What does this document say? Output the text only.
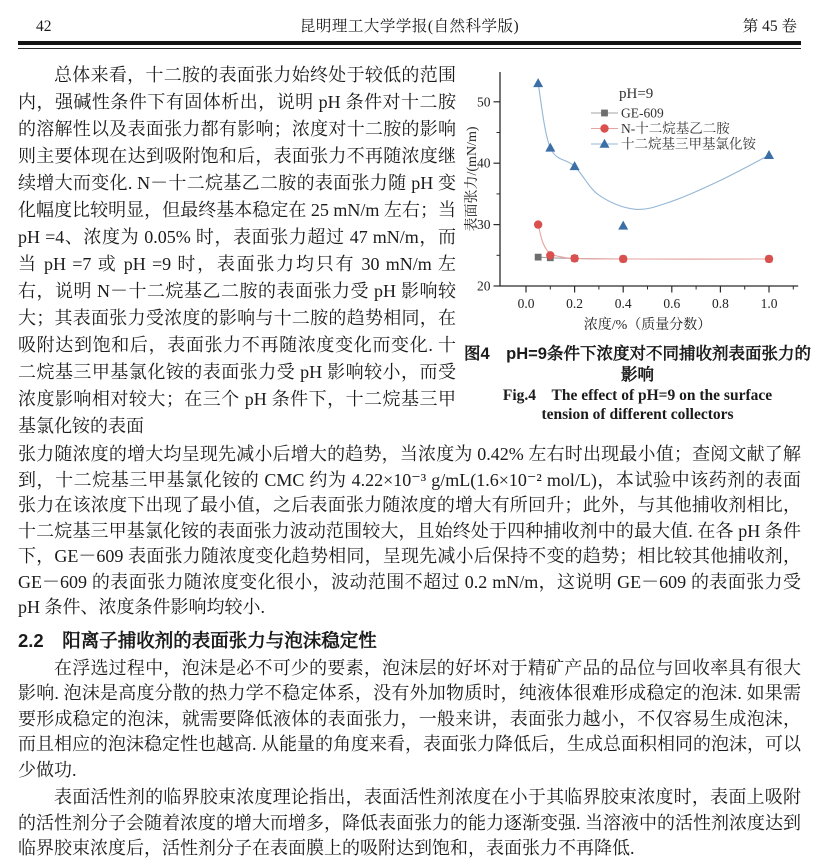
42	昆明理工大学学报(自然科学版)	第 45 卷

总体来看，十二胺的表面张力始终处于较低的范围内，强碱性条件下有固体析出，说明 pH 条件对十二胺的溶解性以及表面张力都有影响；浓度对十二胺的影响则主要体现在达到吸附饱和后，表面张力不再随浓度继续增大而变化. N－十二烷基乙二胺的表面张力随 pH 变化幅度比较明显，但最终基本稳定在 25 mN/m 左右；当 pH =4、浓度为 0.05% 时，表面张力超过 47 mN/m，而当 pH =7 或 pH =9 时，表面张力均只有 30 mN/m 左右，说明 N－十二烷基乙二胺的表面张力受 pH 影响较大；其表面张力受浓度的影响与十二胺的趋势相同，在吸附达到饱和后，表面张力不再随浓度变化而变化. 十二烷基三甲基氯化铵的表面张力受 pH 影响较小，而受浓度影响相对较大；在三个 pH 条件下，十二烷基三甲基氯化铵的表面

20
30
40
50
0.0 0.2 0.4 0.6 0.8 1.0
浓度/%（质量分数）
表面张力/(mN/m)
pH=9
GE-609
N-十二烷基乙二胺
十二烷基三甲基氯化铵
图4　pH=9条件下浓度对不同捕收剂表面张力的影响
Fig.4　The effect of pH=9 on the surface
tension of different collectors

张力随浓度的增大均呈现先减小后增大的趋势，当浓度为 0.42% 左右时出现最小值；查阅文献了解到，十二烷基三甲基氯化铵的 CMC 约为 4.22×10⁻³ g/mL(1.6×10⁻² mol/L)，本试验中该药剂的表面张力在该浓度下出现了最小值，之后表面张力随浓度的增大有所回升；此外，与其他捕收剂相比，十二烷基三甲基氯化铵的表面张力波动范围较大，且始终处于四种捕收剂中的最大值. 在各 pH 条件下，GE－609 表面张力随浓度变化趋势相同，呈现先减小后保持不变的趋势；相比较其他捕收剂，GE－609 的表面张力随浓度变化很小，波动范围不超过 0.2 mN/m，这说明 GE－609 的表面张力受 pH 条件、浓度条件影响均较小.

2.2　阳离子捕收剂的表面张力与泡沫稳定性

在浮选过程中，泡沫是必不可少的要素，泡沫层的好坏对于精矿产品的品位与回收率具有很大影响. 泡沫是高度分散的热力学不稳定体系，没有外加物质时，纯液体很难形成稳定的泡沫. 如果需要形成稳定的泡沫，就需要降低液体的表面张力，一般来讲，表面张力越小，不仅容易生成泡沫，而且相应的泡沫稳定性也越高. 从能量的角度来看，表面张力降低后，生成总面积相同的泡沫，可以少做功.

表面活性剂的临界胶束浓度理论指出，表面活性剂浓度在小于其临界胶束浓度时，表面上吸附的活性剂分子会随着浓度的增大而增多，降低表面张力的能力逐渐变强. 当溶液中的活性剂浓度达到临界胶束浓度后，活性剂分子在表面膜上的吸附达到饱和，表面张力不再降低.
